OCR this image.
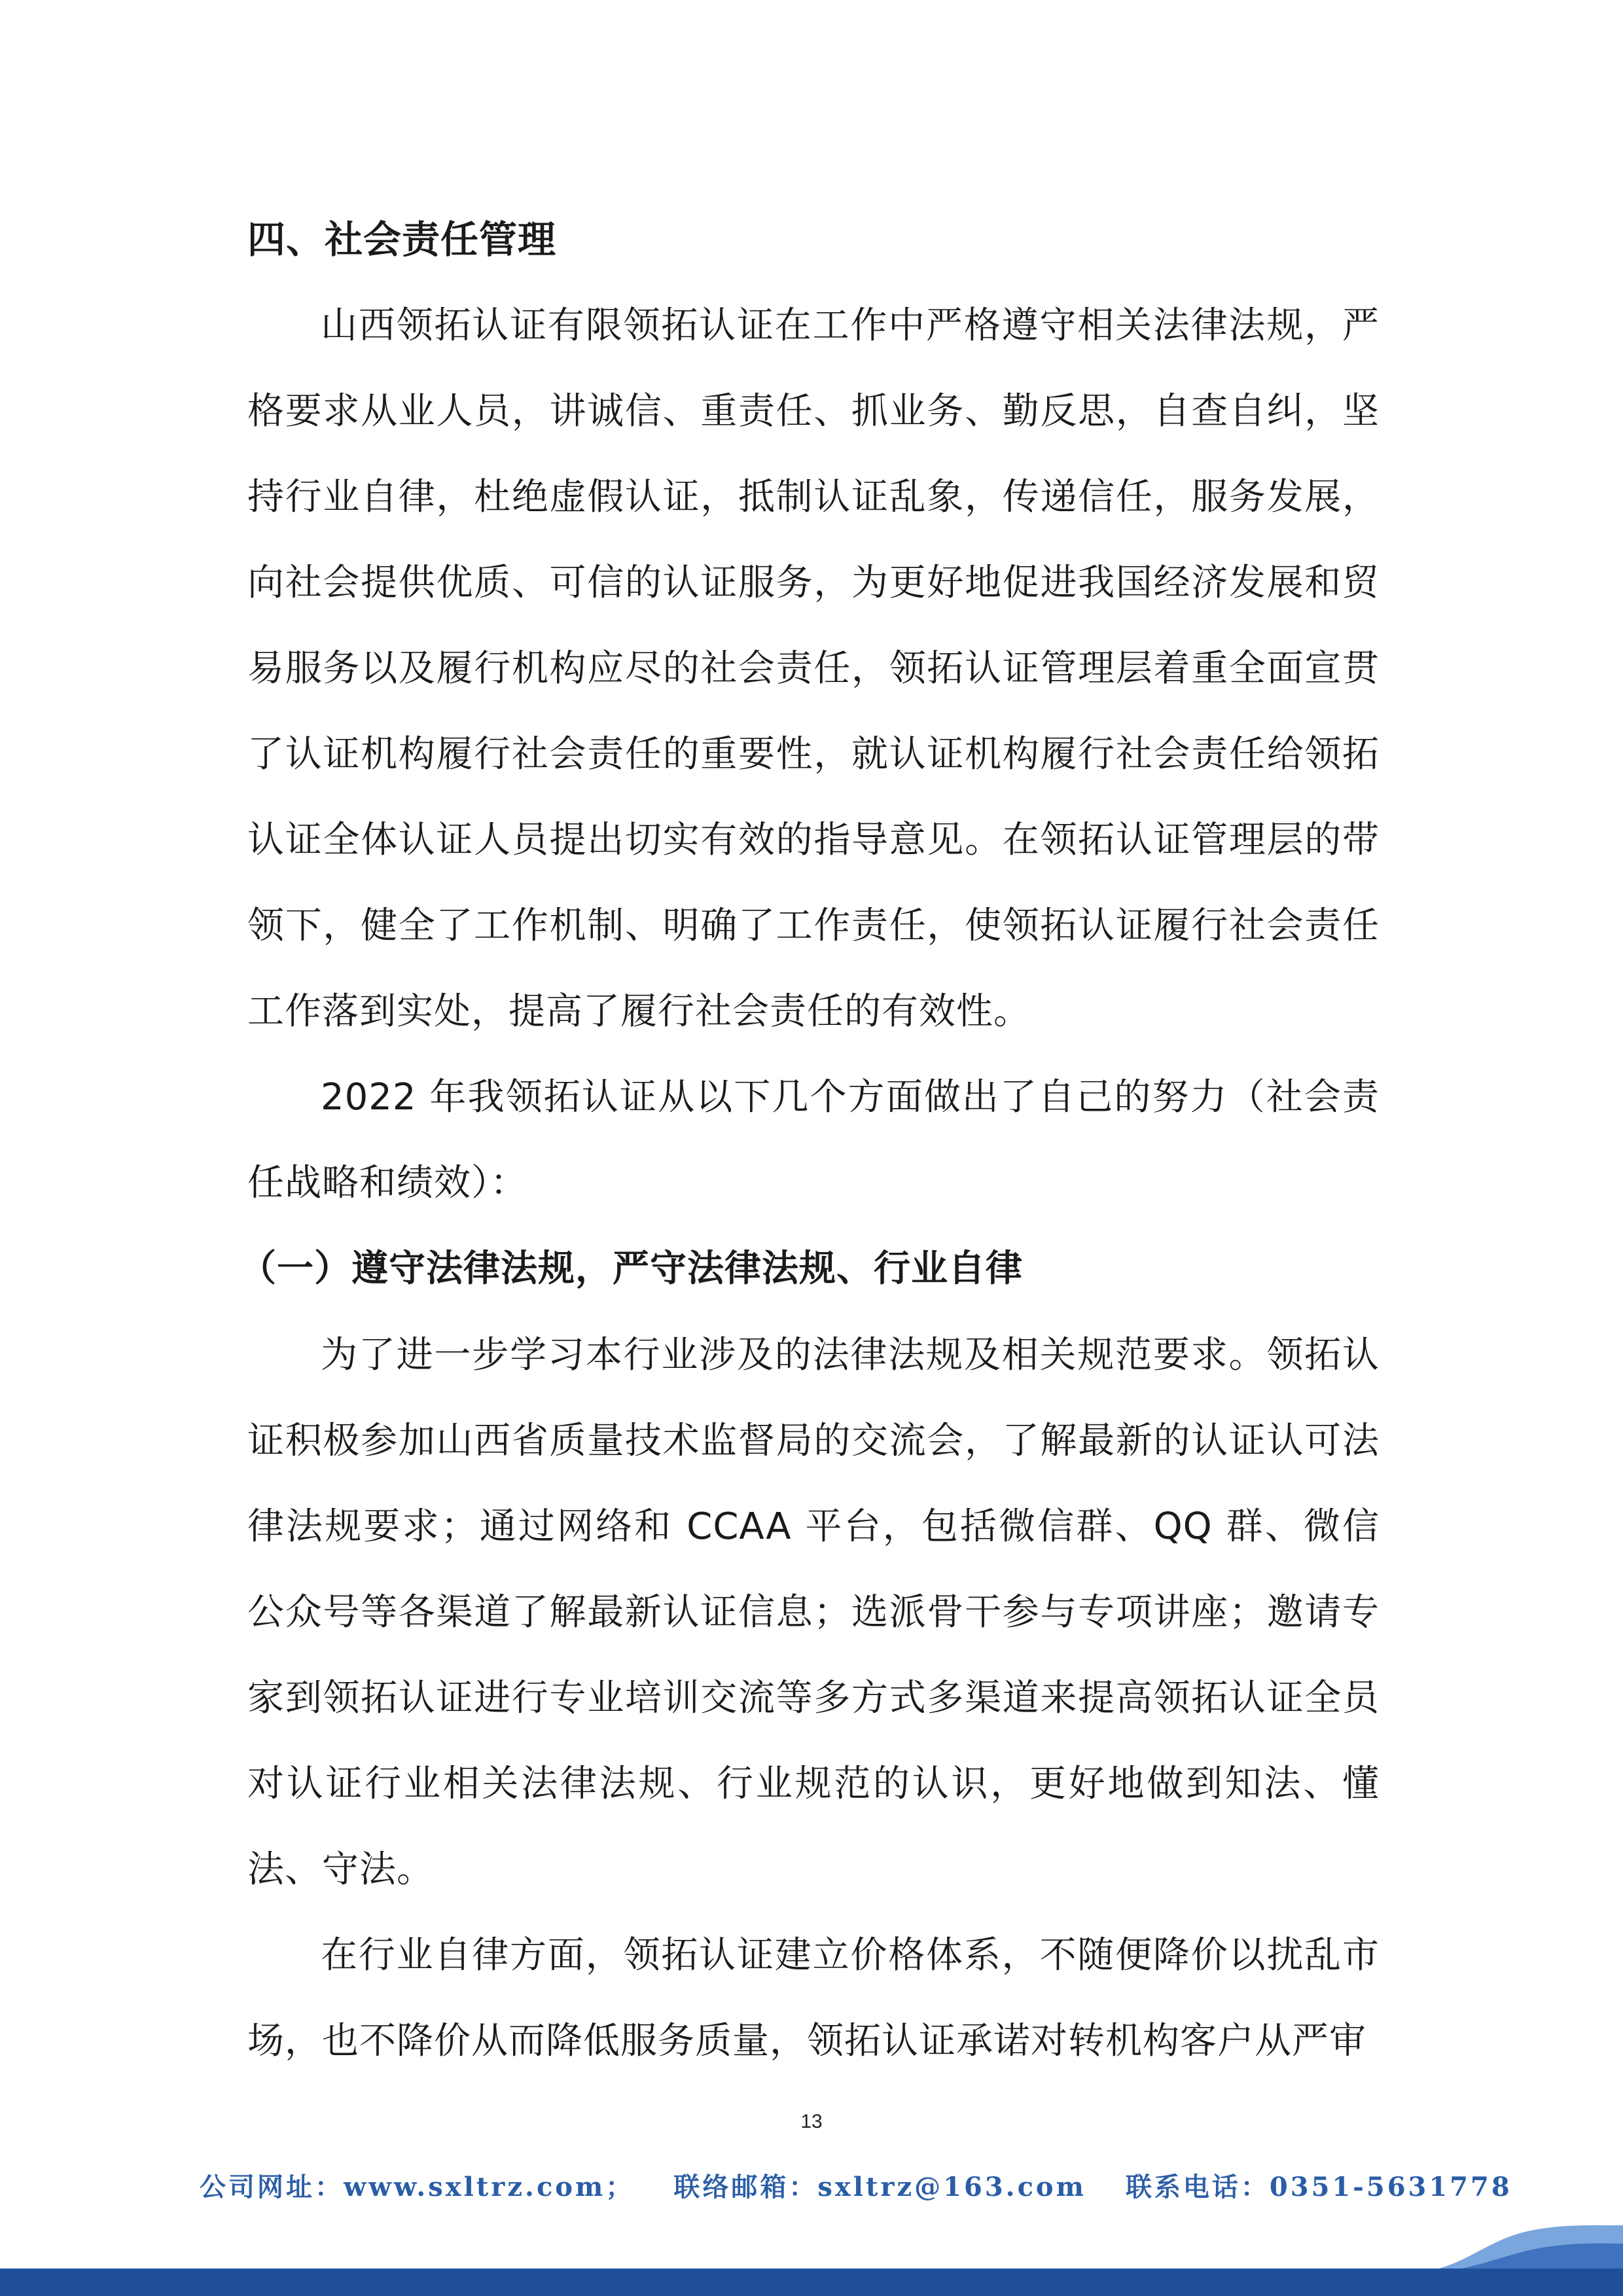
四、社会责任管理

山西领拓认证有限领拓认证在工作中严格遵守相关法律法规，严格要求从业人员，讲诚信、重责任、抓业务、勤反思，自查自纠，坚持行业自律，杜绝虚假认证，抵制认证乱象，传递信任，服务发展，向社会提供优质、可信的认证服务，为更好地促进我国经济发展和贸易服务以及履行机构应尽的社会责任，领拓认证管理层着重全面宣贯了认证机构履行社会责任的重要性，就认证机构履行社会责任给领拓认证全体认证人员提出切实有效的指导意见。在领拓认证管理层的带领下，健全了工作机制、明确了工作责任，使领拓认证履行社会责任工作落到实处，提高了履行社会责任的有效性。

2022 年我领拓认证从以下几个方面做出了自己的努力（社会责任战略和绩效）：

（一）遵守法律法规，严守法律法规、行业自律

为了进一步学习本行业涉及的法律法规及相关规范要求。领拓认证积极参加山西省质量技术监督局的交流会，了解最新的认证认可法律法规要求；通过网络和 CCAA 平台，包括微信群、QQ 群、微信公众号等各渠道了解最新认证信息；选派骨干参与专项讲座；邀请专家到领拓认证进行专业培训交流等多方式多渠道来提高领拓认证全员对认证行业相关法律法规、行业规范的认识，更好地做到知法、懂法、守法。

在行业自律方面，领拓认证建立价格体系，不随便降价以扰乱市场，也不降价从而降低服务质量，领拓认证承诺对转机构客户从严审

13
公司网址：www.sxltrz.com； 联络邮箱：sxltrz@163.com 联系电话：0351-5631778
